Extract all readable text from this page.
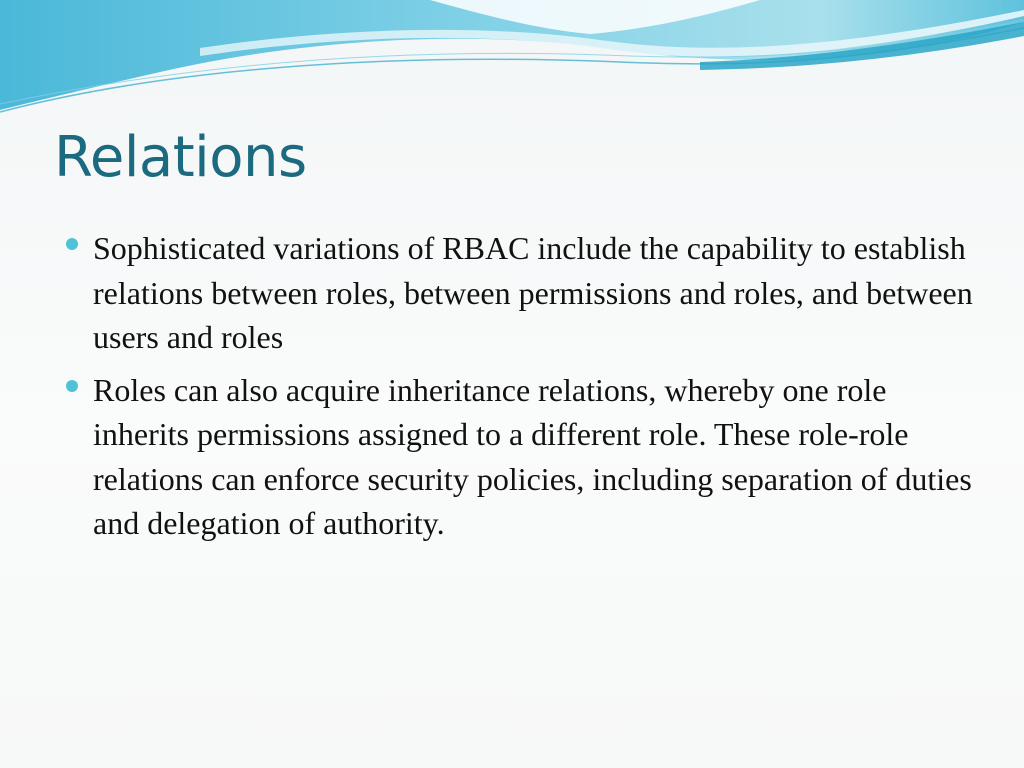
Relations
Sophisticated variations of RBAC include the capability to establish relations between roles, between permissions and roles, and between users and roles
Roles can also acquire inheritance relations, whereby one role inherits permissions assigned to a different role. These role-role relations can enforce security policies, including separation of duties and delegation of authority.
